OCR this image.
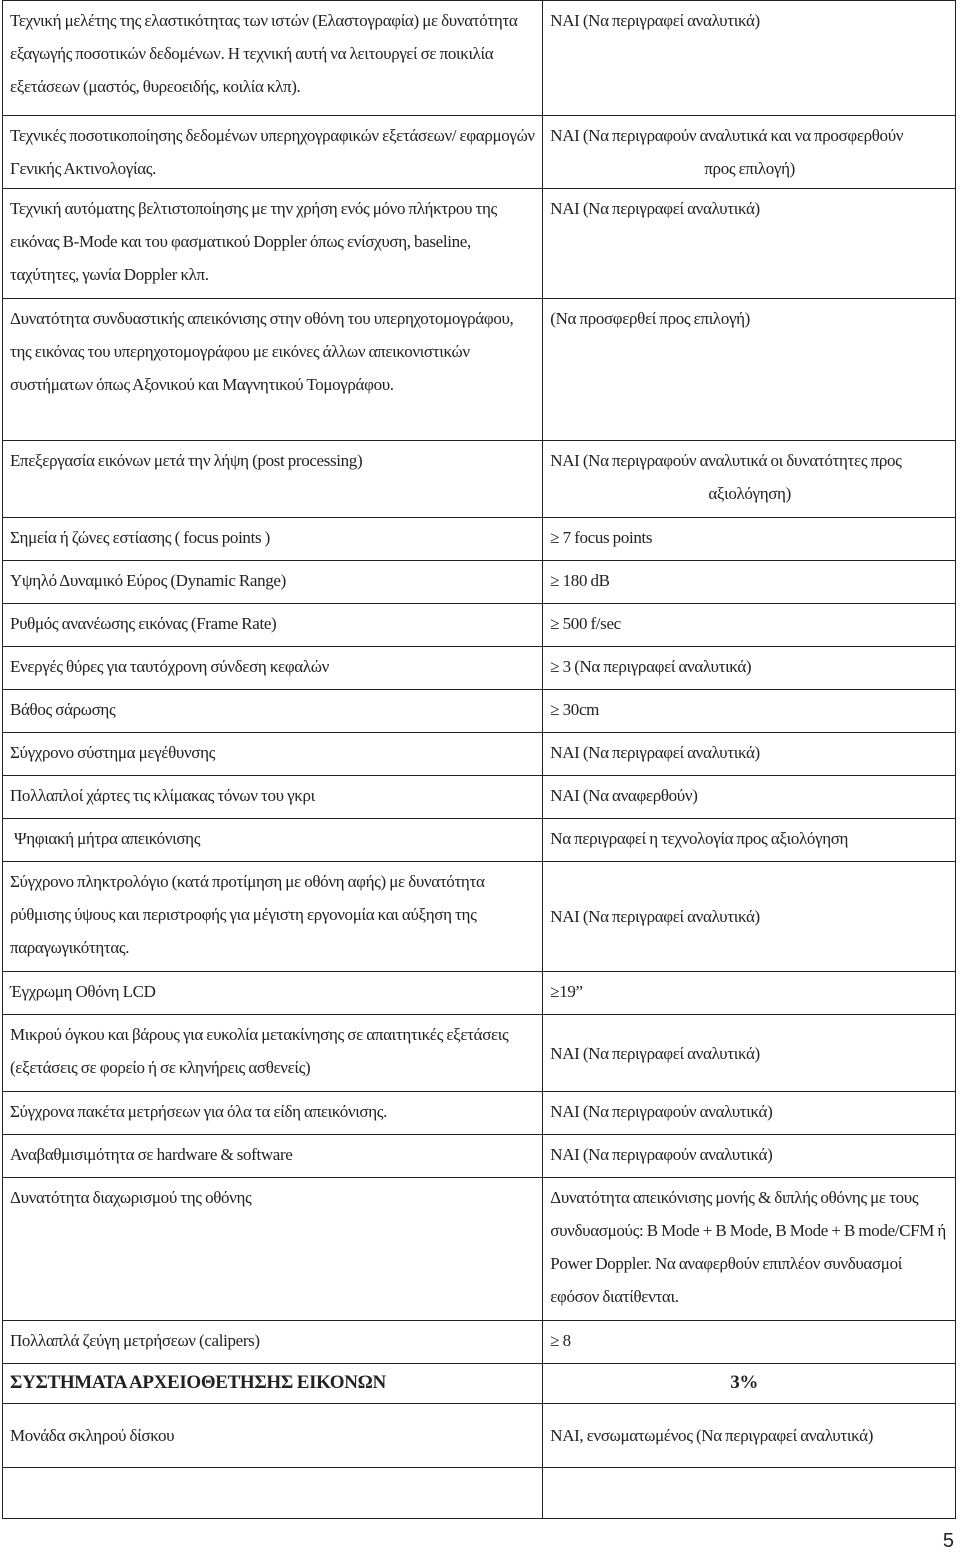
Τεχνική μελέτης της ελαστικότητας των ιστών (Ελαστογραφία) με δυνατότητα εξαγωγής ποσοτικών δεδομένων. Η τεχνική αυτή να λειτουργεί σε ποικιλία εξετάσεων (μαστός, θυρεοειδής, κοιλία κλπ).	ΝΑΙ (Να περιγραφεί αναλυτικά)
Τεχνικές ποσοτικοποίησης δεδομένων υπερηχογραφικών εξετάσεων/ εφαρμογών Γενικής Ακτινολογίας.	ΝΑΙ (Να περιγραφούν αναλυτικά και να προσφερθούν
προς επιλογή)

Τεχνική αυτόματης βελτιστοποίησης με την χρήση ενός μόνο πλήκτρου της εικόνας B-Mode και του φασματικού Doppler όπως ενίσχυση, baseline, ταχύτητες, γωνία Doppler κλπ.	ΝΑΙ (Να περιγραφεί αναλυτικά)
Δυνατότητα συνδυαστικής απεικόνισης στην οθόνη του υπερηχοτομογράφου, της εικόνας του υπερηχοτομογράφου με εικόνες άλλων απεικονιστικών συστήματων όπως Αξονικού και Μαγνητικού Τομογράφου.	(Να προσφερθεί προς επιλογή)
Επεξεργασία εικόνων μετά την λήψη (post processing)	ΝΑΙ (Να περιγραφούν αναλυτικά οι δυνατότητες προς
αξιολόγηση)

Σημεία ή ζώνες εστίασης ( focus points )	≥ 7 focus points
Υψηλό Δυναμικό Εύρος (Dynamic Range)	≥ 180 dB
Ρυθμός ανανέωσης εικόνας (Frame Rate)	≥ 500 f/sec
Ενεργές θύρες για ταυτόχρονη σύνδεση κεφαλών	≥ 3 (Να περιγραφεί αναλυτικά)
Βάθος σάρωσης	≥ 30cm
Σύγχρονο σύστημα μεγέθυνσης	ΝΑΙ (Να περιγραφεί αναλυτικά)
Πολλαπλοί χάρτες τις κλίμακας τόνων του γκρι	ΝΑΙ (Να αναφερθούν)
Ψηφιακή μήτρα απεικόνισης	Να περιγραφεί η τεχνολογία προς αξιολόγηση
Σύγχρονο πληκτρολόγιο (κατά προτίμηση με οθόνη αφής) με δυνατότητα ρύθμισης ύψους και περιστροφής για μέγιστη εργονομία και αύξηση της παραγωγικότητας.	ΝΑΙ (Να περιγραφεί αναλυτικά)
Έγχρωμη Οθόνη LCD	≥19”
Μικρού όγκου και βάρους για ευκολία μετακίνησης σε απαιτητικές εξετάσεις (εξετάσεις σε φορείο ή σε κληνήρεις ασθενείς)	ΝΑΙ (Να περιγραφεί αναλυτικά)
Σύγχρονα πακέτα μετρήσεων για όλα τα είδη απεικόνισης.	ΝΑΙ (Να περιγραφούν αναλυτικά)
Αναβαθμισιμότητα σε hardware & software	ΝΑΙ (Να περιγραφούν αναλυτικά)
Δυνατότητα διαχωρισμού της οθόνης	Δυνατότητα απεικόνισης μονής & διπλής οθόνης με τους συνδυασμούς: B Mode + B Mode, B Mode + B mode/CFM ή Power Doppler. Να αναφερθούν επιπλέον συνδυασμοί εφόσον διατίθενται.
Πολλαπλά ζεύγη μετρήσεων (calipers)	≥ 8
ΣΥΣΤΗΜΑΤΑ ΑΡΧΕΙΟΘΕΤΗΣΗΣ ΕΙΚΟΝΩΝ	3%

Μονάδα σκληρού δίσκου	ΝΑΙ, ενσωματωμένος (Να περιγραφεί αναλυτικά)

5
